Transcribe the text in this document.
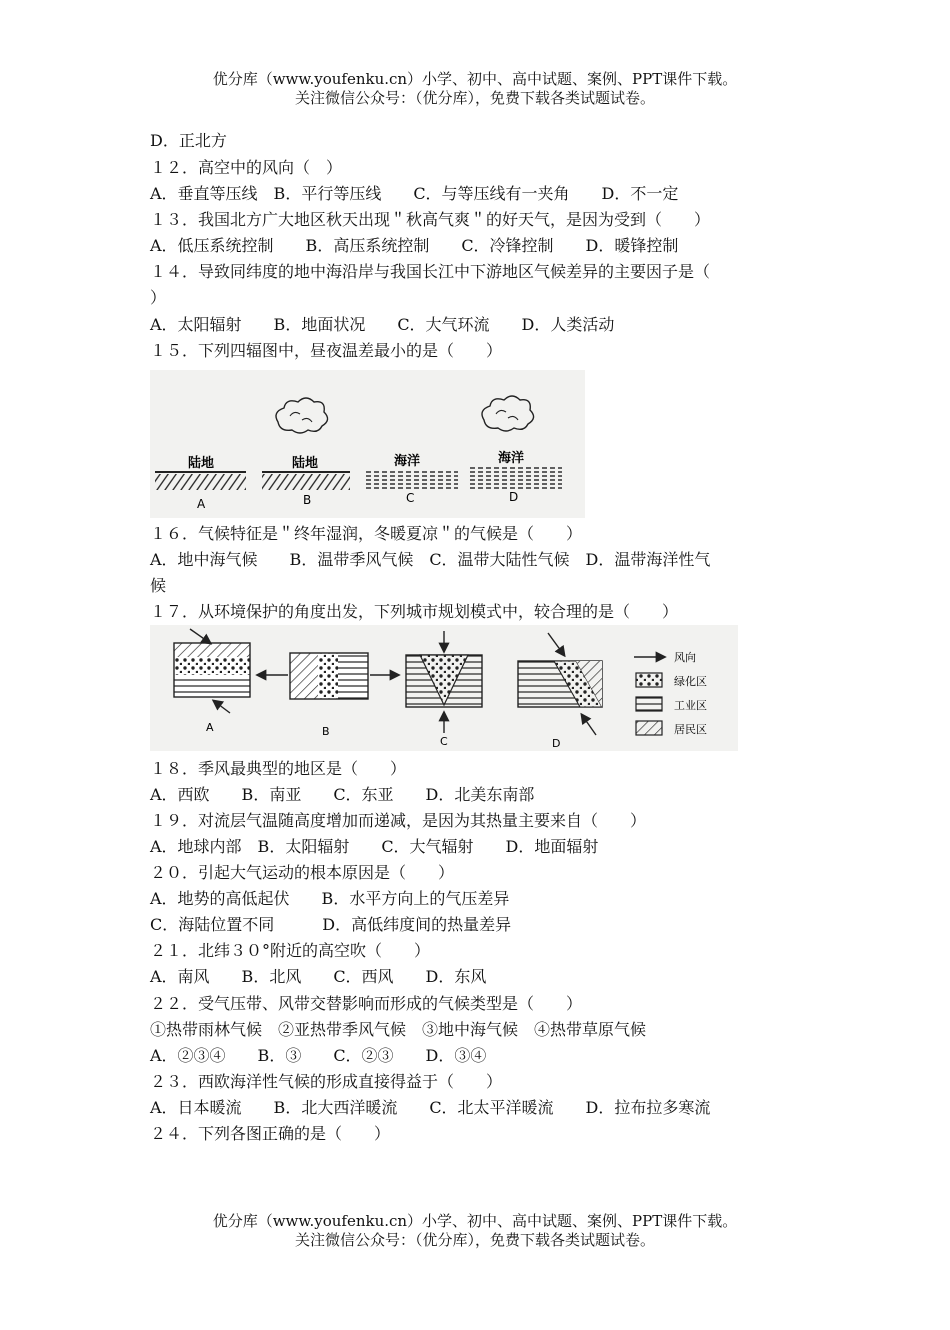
优分库（www.youfenku.cn）小学、初中、高中试题、案例、PPT课件下载。
关注微信公众号：（优分库），免费下载各类试题试卷。
D．正北方
１２．高空中的风向（　）
A．垂直等压线　B．平行等压线　　C．与等压线有一夹角　　D．不一定
１３．我国北方广大地区秋天出现＂秋高气爽＂的好天气，是因为受到（　　）
A．低压系统控制　　B．高压系统控制　　C．冷锋控制　　D．暖锋控制
１４．导致同纬度的地中海沿岸与我国长江中下游地区气候差异的主要因子是（
）
A．太阳辐射　　B．地面状况　　C．大气环流　　D．人类活动
１５．下列四辐图中，昼夜温差最小的是（　　）
陆地
A
陆地
B
海洋
C
海洋
D
１６．气候特征是＂终年湿润，冬暖夏凉＂的气候是（　　）
A．地中海气候　　B．温带季风气候　C．温带大陆性气候　D．温带海洋性气
候
１７．从环境保护的角度出发，下列城市规划模式中，较合理的是（　　）
A	B
C	D
风向
绿化区
工业区
居民区
１８．季风最典型的地区是（　　）
A．西欧　　B．南亚　　C．东亚　　D．北美东南部
１９．对流层气温随高度增加而递减，是因为其热量主要来自（　　）
A．地球内部　B．太阳辐射　　C．大气辐射　　D．地面辐射
２０．引起大气运动的根本原因是（　　）
A．地势的高低起伏　　B．水平方向上的气压差异
C．海陆位置不同　　　D．高低纬度间的热量差异
２１．北纬３０°附近的高空吹（　　）
A．南风　　B．北风　　C．西风　　D．东风
２２．受气压带、风带交替影响而形成的气候类型是（　　）
①热带雨林气候　②亚热带季风气候　③地中海气候　④热带草原气候
A．②③④　　B．③　　C．②③　　D．③④
２３．西欧海洋性气候的形成直接得益于（　　）
A．日本暖流　　B．北大西洋暖流　　C．北太平洋暖流　　D．拉布拉多寒流
２４．下列各图正确的是（　　）
优分库（www.youfenku.cn）小学、初中、高中试题、案例、PPT课件下载。
关注微信公众号：（优分库），免费下载各类试题试卷。
